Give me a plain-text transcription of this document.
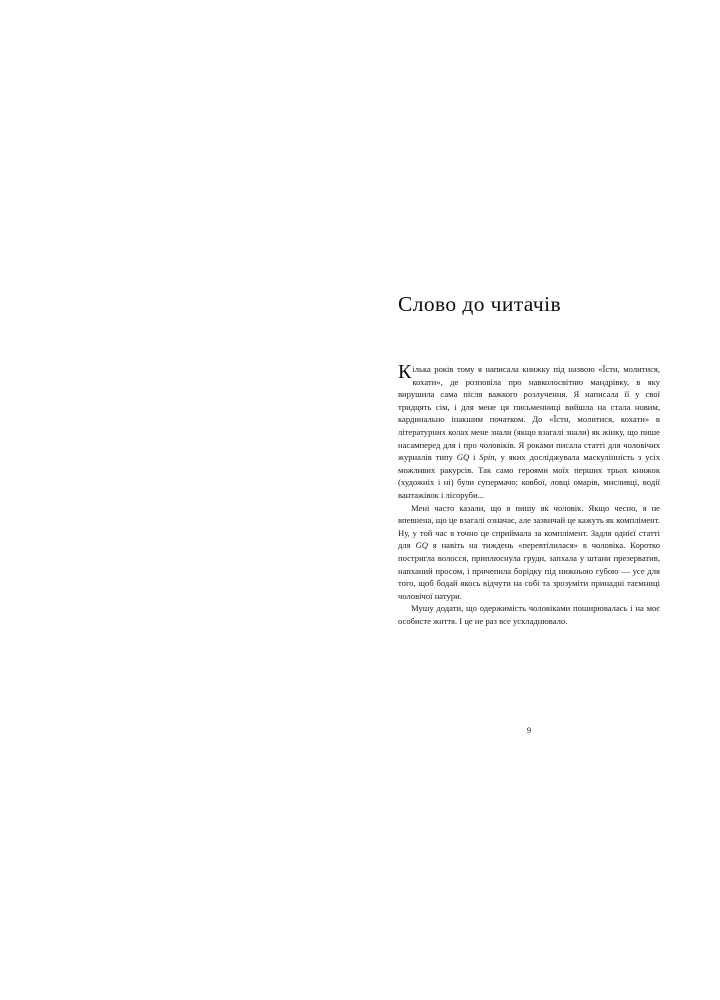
Слово до читачів

Кілька років тому я написала книжку під назвою «Їсти, молитися, кохати», де розповіла про навколосвітню мандрівку, в яку вирушила сама після важкого розлучення. Я написала її у свої тридцять сім, і для мене ця письменниці вийшла на стала новим, кардинально інакшим початком. До «Їсти, молитися, кохати» в літературних колах мене знали (якщо взагалі знали) як жінку, що пише насамперед для і про чоловіків. Я роками писала статті для чоловічих журналів типу GQ і Spin, у яких досліджувала маскулінність з усіх можливих ракурсів. Так само героями моїх перших трьох книжок (художніх і ні) були супермачо: ковбої, ловці омарів, мисливці, водії вантажівок і лісоруби...

Мені часто казали, що я пишу як чоловік. Якщо чесно, я не впевнена, що це взагалі означає, але зазвичай це кажуть як комплімент. Ну, у той час я точно це сприймала за комплімент. Задля однієї статті для GQ я навіть на тиждень «перевтілилася» в чоловіка. Коротко постригла волосся, приплюснула груди, запхала у штани презерватив, напханий просом, і причепила борідку під нижньою губою — усе для того, щоб бодай якось відчути на собі та зрозуміти принадні таємниці чоловічої натури.

Мушу додати, що одержимість чоловіками поширювалась і на моє особисте життя. І це не раз все ускладнювало.

9
